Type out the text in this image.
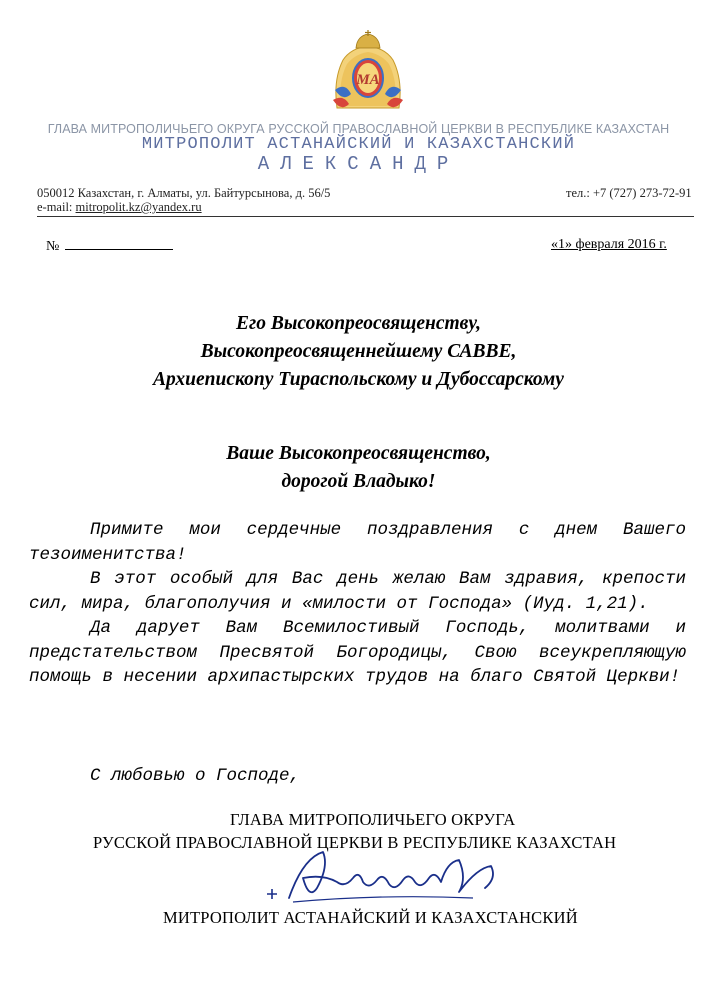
МА
ГЛАВА МИТРОПОЛИЧЬЕГО ОКРУГА РУССКОЙ ПРАВОСЛАВНОЙ ЦЕРКВИ В РЕСПУБЛИКЕ КАЗАХСТАН
МИТРОПОЛИТ АСТАНАЙСКИЙ И КАЗАХСТАНСКИЙ
АЛЕКСАНДР
050012 Казахстан, г. Алматы, ул. Байтурсынова, д. 56/5
e-mail: mitropolit.kz@yandex.ru
тел.: +7 (727) 273-72-91
№	«1» февраля 2016 г.
Его Высокопреосвященству,
Высокопреосвященнейшему САВВЕ,
Архиепископу Тираспольскому и Дубоссарскому
Ваше Высокопреосвященство,
дорогой Владыко!
Примите мои сердечные поздравления с днем Вашего
тезоименитства!
В этот особый для Вас день желаю Вам здравия, крепости
сил, мира, благополучия и «милости от Господа» (Иуд. 1,21).
Да дарует Вам Всемилостивый Господь, молитвами и
предстательством Пресвятой Богородицы, Свою всеукрепляющую помощь в несении архипастырских трудов на благо Святой Церкви!
С любовью о Господе,
ГЛАВА МИТРОПОЛИЧЬЕГО ОКРУГА
РУССКОЙ ПРАВОСЛАВНОЙ ЦЕРКВИ В РЕСПУБЛИКЕ КАЗАХСТАН
МИТРОПОЛИТ АСТАНАЙСКИЙ И КАЗАХСТАНСКИЙ
